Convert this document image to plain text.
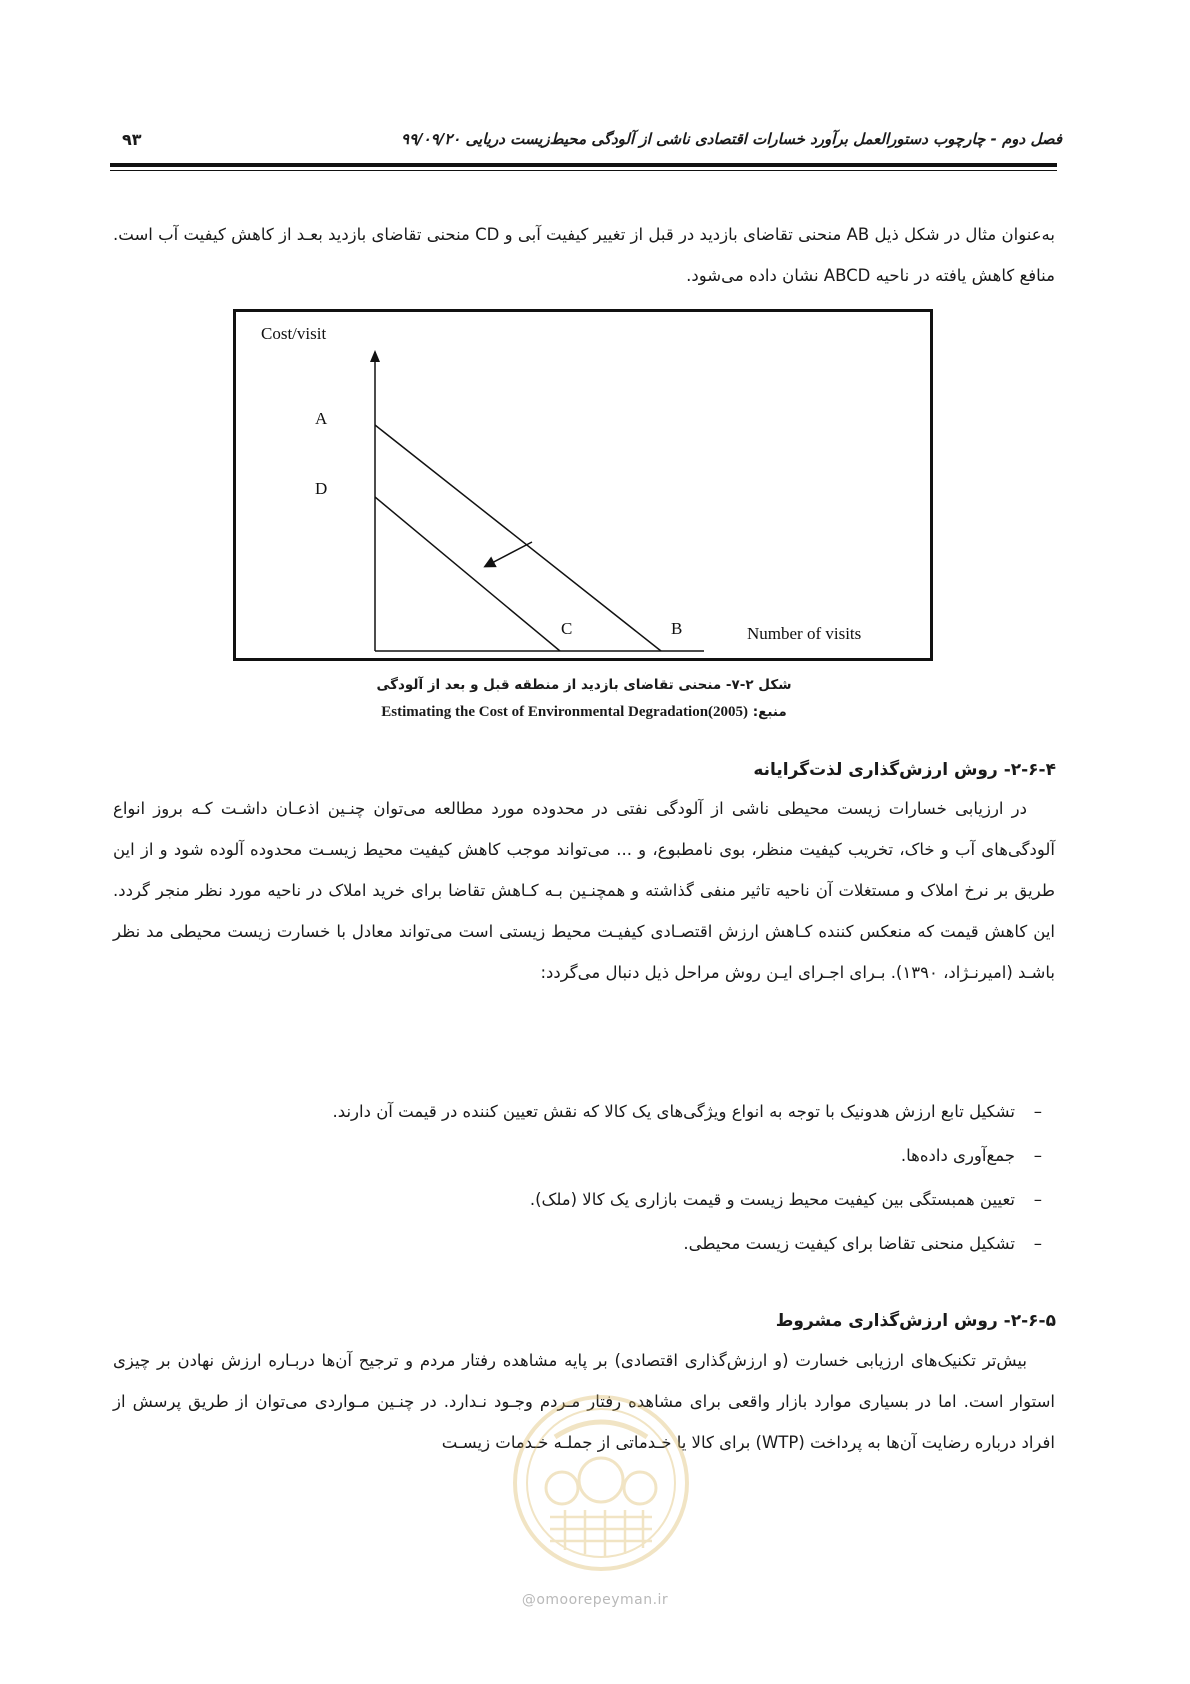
فصل دوم - چارچوب دستورالعمل برآورد خسارات اقتصادی ناشی از آلودگی محیط‌زیست دریایی ۹۹/۰۹/۲۰
۹۳
به‌عنوان مثال در شکل ذیل AB منحنی تقاضای بازدید در قبل از تغییر کیفیت آبی و CD منحنی تقاضای بازدید بعـد از کاهش کیفیت آب است. منافع کاهش یافته در ناحیه ABCD نشان داده می‌شود.
Cost/visit
A
D
C	B	Number of visits
شکل ۲-۷- منحنی تقاضای بازدید از منطقه قبل و بعد از آلودگی
منبع: Estimating the Cost of Environmental Degradation(2005)
۲-۶-۴- روش ارزش‌گذاری لذت‌گرایانه
در ارزیابی خسارات زیست محیطی ناشی از آلودگی نفتی در محدوده مورد مطالعه می‌توان چنـین اذعـان داشـت کـه بروز انواع آلودگی‌های آب و خاک، تخریب کیفیت منظر، بوی نامطبوع، و ... می‌تواند موجب کاهش کیفیت محیط زیسـت محدوده آلوده شود و از این طریق بر نرخ املاک و مستغلات آن ناحیه تاثیر منفی گذاشته و همچنـین بـه کـاهش تقاضا برای خرید املاک در ناحیه مورد نظر منجر گردد. این کاهش قیمت که منعکس کننده کـاهش ارزش اقتصـادی کیفیـت محیط زیستی است می‌تواند معادل با خسارت زیست محیطی مد نظر باشـد (امیرنـژاد، ۱۳۹۰). بـرای اجـرای ایـن روش مراحل ذیل دنبال می‌گردد:
– تشکیل تابع ارزش هدونیک با توجه به انواع ویژگی‌های یک کالا که نقش تعیین کننده در قیمت آن دارند.
– جمع‌آوری داده‌ها.
– تعیین همبستگی بین کیفیت محیط زیست و قیمت بازاری یک کالا (ملک).
– تشکیل منحنی تقاضا برای کیفیت زیست محیطی.
۲-۶-۵- روش ارزش‌گذاری مشروط
بیش‌تر تکنیک‌های ارزیابی خسارت (و ارزش‌گذاری اقتصادی) بر پایه مشاهده رفتار مردم و ترجیح آن‌ها دربـاره ارزش نهادن بر چیزی استوار است. اما در بسیاری موارد بازار واقعی برای مشاهده رفتار مـردم وجـود نـدارد. در چنـین مـواردی می‌توان از طریق پرسش از افراد درباره رضایت آن‌ها به پرداخت (WTP) برای کالا یا خـدماتی از جملـه خـدمات زیسـت
@omoorepeyman.ir
